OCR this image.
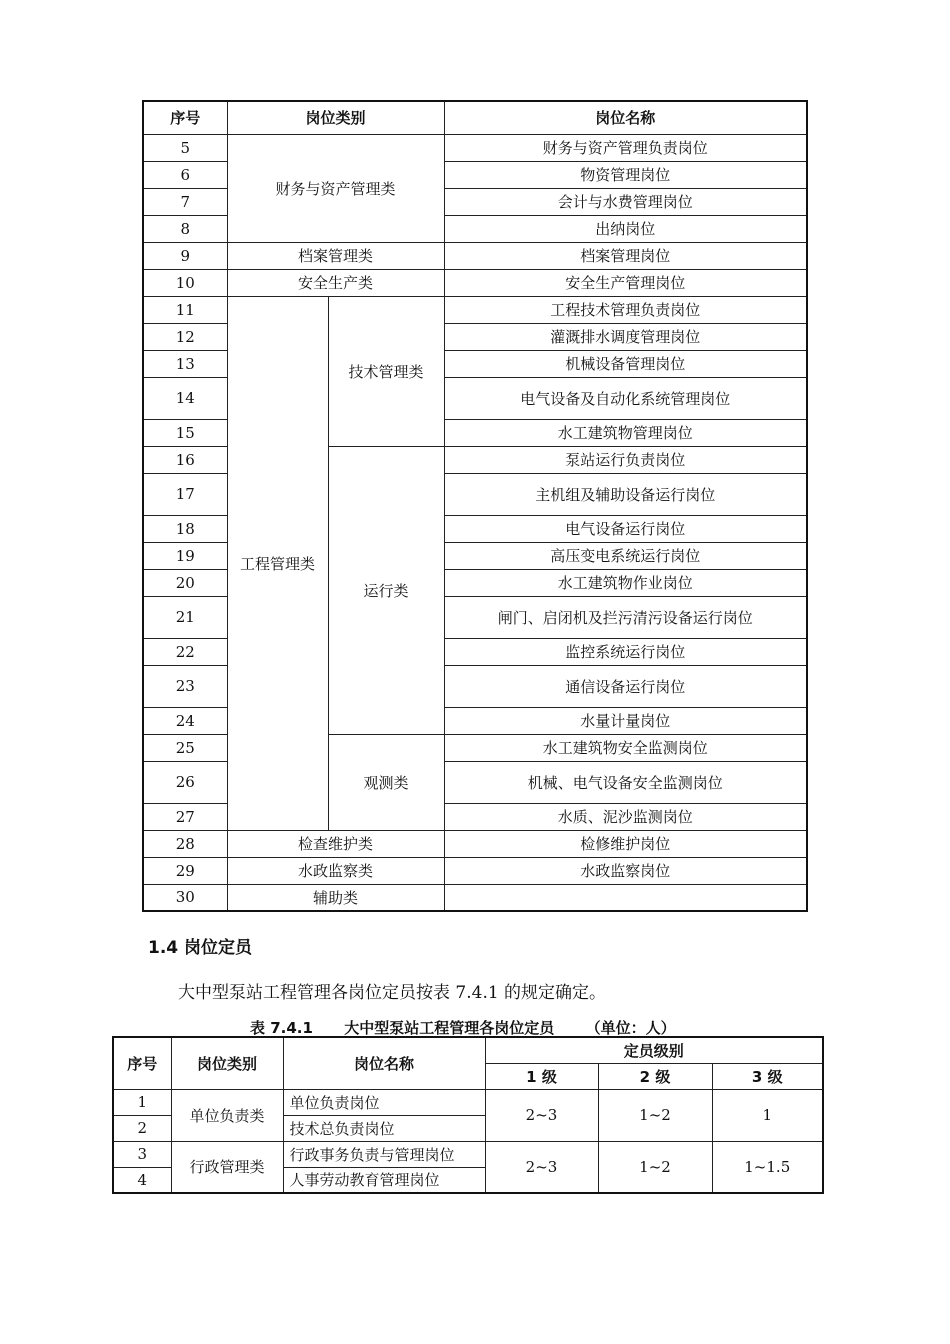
序号	岗位类别		岗位名称
5	财务与资产管理类		财务与资产管理负责岗位
6			物资管理岗位
7			会计与水费管理岗位
8			出纳岗位
9	档案管理类		档案管理岗位
10	安全生产类		安全生产管理岗位
11	工程管理类	技术管理类	工程技术管理负责岗位
12			灌溉排水调度管理岗位
13			机械设备管理岗位
14			电气设备及自动化系统管理岗位
15			水工建筑物管理岗位
16		运行类	泵站运行负责岗位
17			主机组及辅助设备运行岗位
18			电气设备运行岗位
19			高压变电系统运行岗位
20			水工建筑物作业岗位
21			闸门、启闭机及拦污清污设备运行岗位
22			监控系统运行岗位
23			通信设备运行岗位
24			水量计量岗位
25		观测类	水工建筑物安全监测岗位
26			机械、电气设备安全监测岗位
27			水质、泥沙监测岗位
28	检查维护类		检修维护岗位
29	水政监察类		水政监察岗位
30	辅助类		
1.4 岗位定员
大中型泵站工程管理各岗位定员按表 7.4.1 的规定确定。
表 7.4.1      大中型泵站工程管理各岗位定员      （单位：人）
序号	岗位类别	岗位名称	定员级别		
			1 级	2 级	3 级
1	单位负责类	单位负责岗位	2~3	1~2	1
2		技术总负责岗位			
3	行政管理类	行政事务负责与管理岗位	2~3	1~2	1~1.5
4		人事劳动教育管理岗位			
